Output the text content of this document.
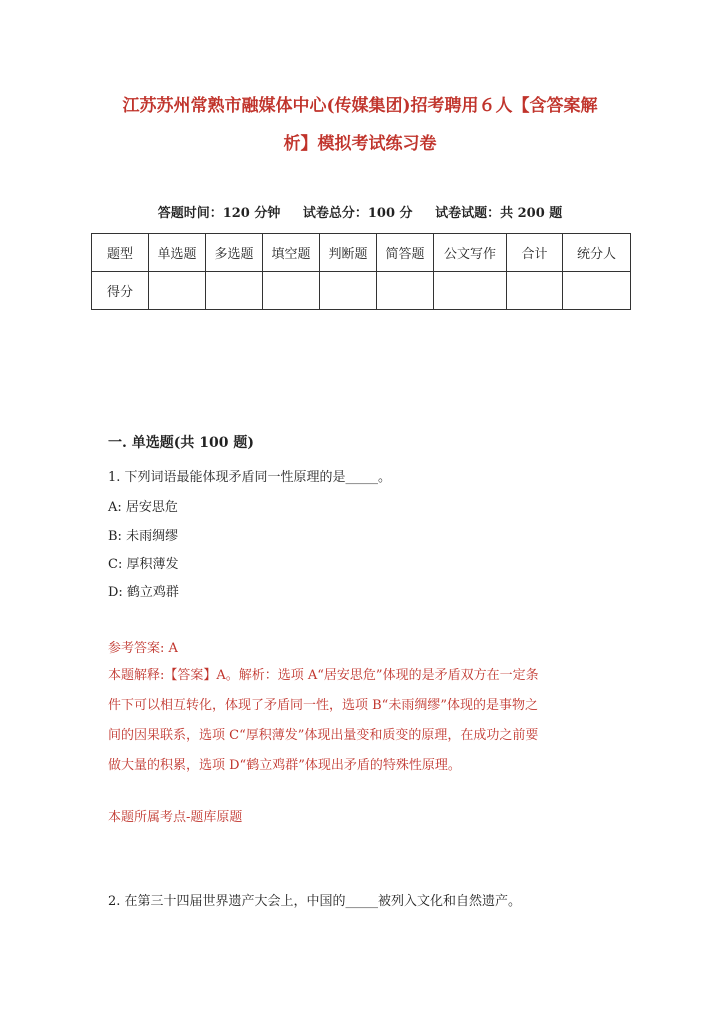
江苏苏州常熟市融媒体中心(传媒集团)招考聘用６人【含答案解
析】模拟考试练习卷
答题时间：120 分钟 试卷总分：100 分 试卷试题：共 200 题
题型	单选题	多选题	填空题	判断题	简答题	公文写作	合计	统分人
得分								
一. 单选题(共 100 题)
1. 下列词语最能体现矛盾同一性原理的是_____。
A: 居安思危
B: 未雨绸缪
C: 厚积薄发
D: 鹤立鸡群
参考答案: A
本题解释:【答案】A。解析：选项 A“居安思危”体现的是矛盾双方在一定条
件下可以相互转化，体现了矛盾同一性，选项 B“未雨绸缪”体现的是事物之
间的因果联系，选项 C“厚积薄发”体现出量变和质变的原理，在成功之前要
做大量的积累，选项 D“鹤立鸡群”体现出矛盾的特殊性原理。
本题所属考点-题库原题
2. 在第三十四届世界遗产大会上，中国的_____被列入文化和自然遗产。
